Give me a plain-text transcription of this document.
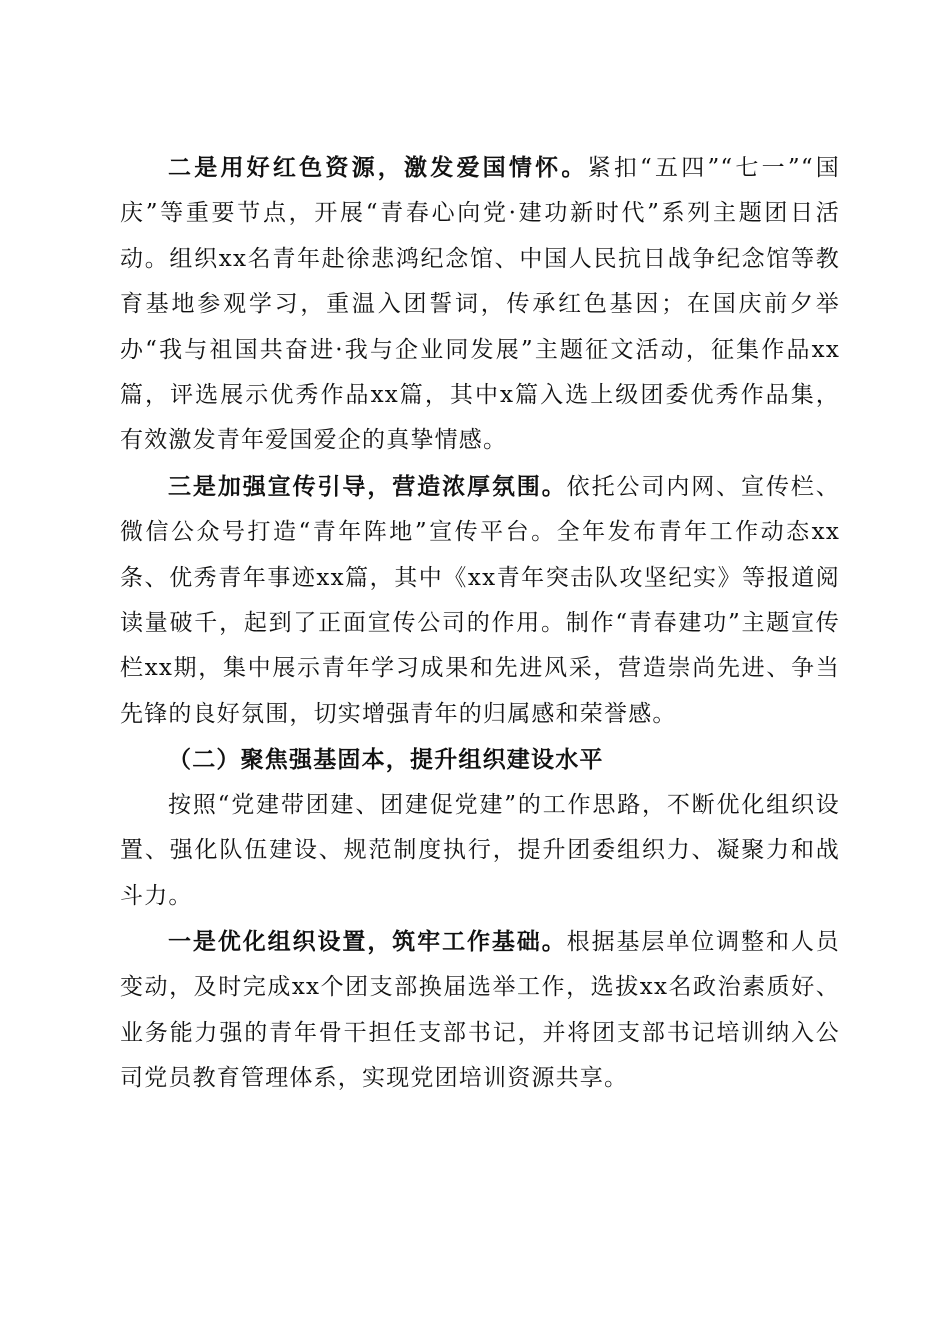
二是用好红色资源，激发爱国情怀。紧扣“五四”“七一”“国庆”等重要节点，开展“青春心向党·建功新时代”系列主题团日活动。组织xx名青年赴徐悲鸿纪念馆、中国人民抗日战争纪念馆等教育基地参观学习，重温入团誓词，传承红色基因；在国庆前夕举办“我与祖国共奋进·我与企业同发展”主题征文活动，征集作品xx篇，评选展示优秀作品xx篇，其中x篇入选上级团委优秀作品集，有效激发青年爱国爱企的真挚情感。

三是加强宣传引导，营造浓厚氛围。依托公司内网、宣传栏、微信公众号打造“青年阵地”宣传平台。全年发布青年工作动态xx条、优秀青年事迹xx篇，其中《xx青年突击队攻坚纪实》等报道阅读量破千，起到了正面宣传公司的作用。制作“青春建功”主题宣传栏xx期，集中展示青年学习成果和先进风采，营造崇尚先进、争当先锋的良好氛围，切实增强青年的归属感和荣誉感。

（二）聚焦强基固本，提升组织建设水平

按照“党建带团建、团建促党建”的工作思路，不断优化组织设置、强化队伍建设、规范制度执行，提升团委组织力、凝聚力和战斗力。

一是优化组织设置，筑牢工作基础。根据基层单位调整和人员变动，及时完成xx个团支部换届选举工作，选拔xx名政治素质好、业务能力强的青年骨干担任支部书记，并将团支部书记培训纳入公司党员教育管理体系，实现党团培训资源共享。
